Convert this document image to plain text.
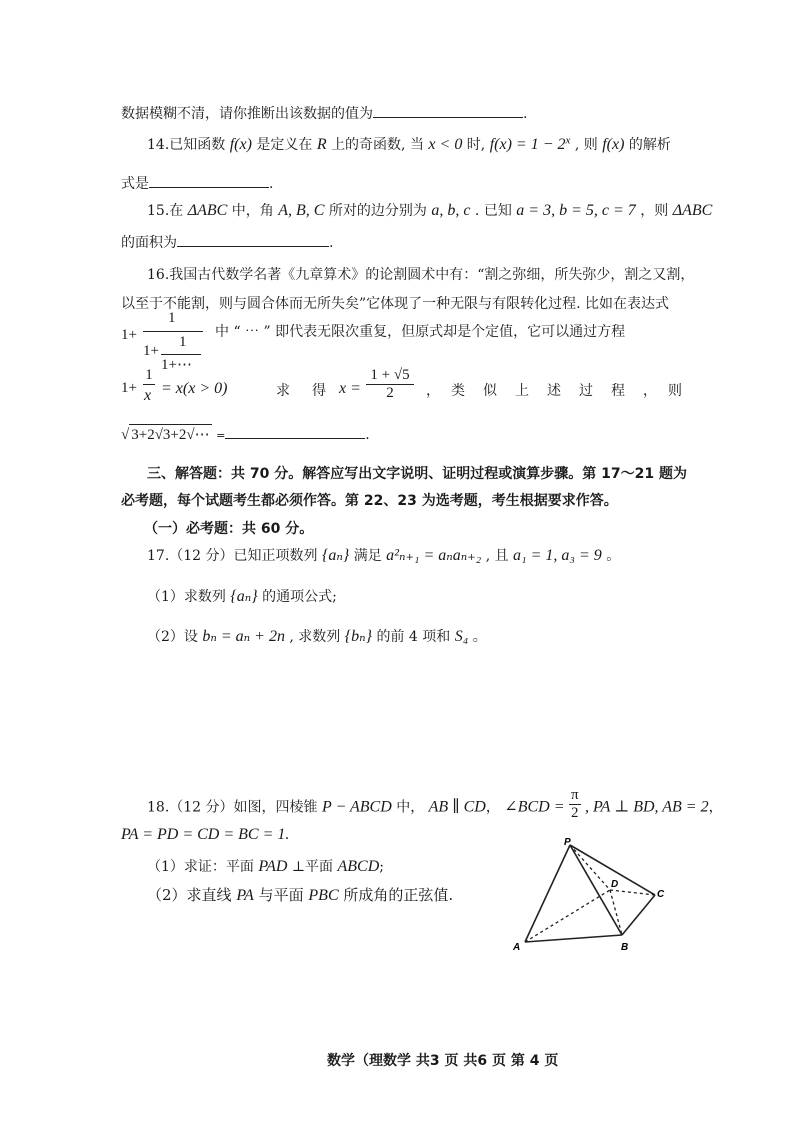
数据模糊不清，请你推断出该数据的值为	.
14.已知函数 f(x) 是定义在 R 上的奇函数, 当 x < 0 时, $f(x) = 1 - 2^x$ , 则 f(x) 的解析
式是	.
15.在 ΔABC 中，角 A, B, C 所对的边分别为 a, b, c . 已知 a = 3, b = 5, c = 7 ，则 ΔABC
的面积为	.
16.我国古代数学名著《九章算术》的论割圆术中有：“割之弥细，所失弥少，割之又割，
以至于不能割，则与圆合体而无所失矣”它体现了一种无限与有限转化过程. 比如在表达式
1+
1
1+
1
1+⋯
中 “ ⋯ ” 即代表无限次重复，但原式却是个定值，它可以通过方程
1+
1
x = x(x > 0)	求　得 x =
1 + √5
2	，　类　似　上　述　过　程　，　则
√ 3+2√3+2√⋯ =	.
三、解答题：共 70 分。解答应写出文字说明、证明过程或演算步骤。第 17～21 题为
必考题，每个试题考生都必须作答。第 22、23 为选考题，考生根据要求作答。
（一）必考题：共 60 分。
17.（12 分）已知正项数列 {aₙ} 满足 a²ₙ₊₁ = aₙaₙ₊₂ , 且 a₁ = 1, a₃ = 9 。
（1）求数列 {aₙ} 的通项公式;
（2）设 bₙ = aₙ + 2n , 求数列 {bₙ} 的前 4 项和 S₄ 。
18.（12 分）如图，四棱锥 P − ABCD 中， AB ∥ CD， ∠BCD = $\frac{\pi}{2}$ , PA ⊥ BD, AB = 2，
PA = PD = CD = BC = 1.
（1）求证：平面 PAD ⊥平面 ABCD;
（2）求直线 PA 与平面 PBC 所成角的正弦值.
P
D
C
A	B
数学（理数学 共3 页 共6 页 第 4 页
